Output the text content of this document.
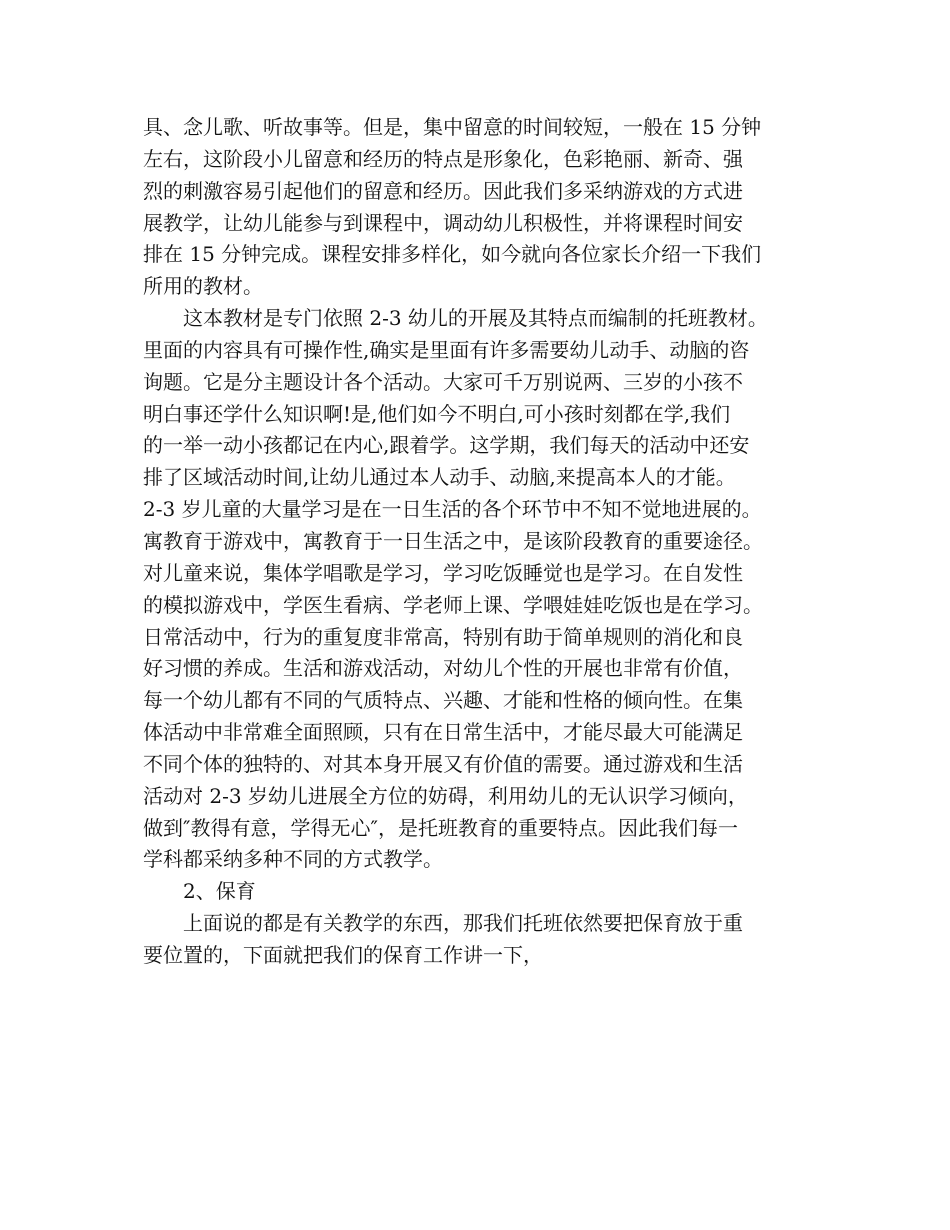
具、念儿歌、听故事等。但是，集中留意的时间较短，一般在 15 分钟
左右，这阶段小儿留意和经历的特点是形象化，色彩艳丽、新奇、强
烈的刺激容易引起他们的留意和经历。因此我们多采纳游戏的方式进
展教学，让幼儿能参与到课程中，调动幼儿积极性，并将课程时间安
排在 15 分钟完成。课程安排多样化，如今就向各位家长介绍一下我们
所用的教材。
这本教材是专门依照 2-3 幼儿的开展及其特点而编制的托班教材。
里面的内容具有可操作性,确实是里面有许多需要幼儿动手、动脑的咨
询题。它是分主题设计各个活动。大家可千万别说两、三岁的小孩不
明白事还学什么知识啊!是,他们如今不明白,可小孩时刻都在学,我们
的一举一动小孩都记在内心,跟着学。这学期，我们每天的活动中还安
排了区域活动时间,让幼儿通过本人动手、动脑,来提高本人的才能。
2-3 岁儿童的大量学习是在一日生活的各个环节中不知不觉地进展的。
寓教育于游戏中，寓教育于一日生活之中，是该阶段教育的重要途径。
对儿童来说，集体学唱歌是学习，学习吃饭睡觉也是学习。在自发性
的模拟游戏中，学医生看病、学老师上课、学喂娃娃吃饭也是在学习。
日常活动中，行为的重复度非常高，特别有助于简单规则的消化和良
好习惯的养成。生活和游戏活动，对幼儿个性的开展也非常有价值，
每一个幼儿都有不同的气质特点、兴趣、才能和性格的倾向性。在集
体活动中非常难全面照顾，只有在日常生活中，才能尽最大可能满足
不同个体的独特的、对其本身开展又有价值的需要。通过游戏和生活
活动对 2-3 岁幼儿进展全方位的妨碍，利用幼儿的无认识学习倾向，
做到″教得有意，学得无心″，是托班教育的重要特点。因此我们每一
学科都采纳多种不同的方式教学。
2、保育
上面说的都是有关教学的东西，那我们托班依然要把保育放于重
要位置的，下面就把我们的保育工作讲一下，
